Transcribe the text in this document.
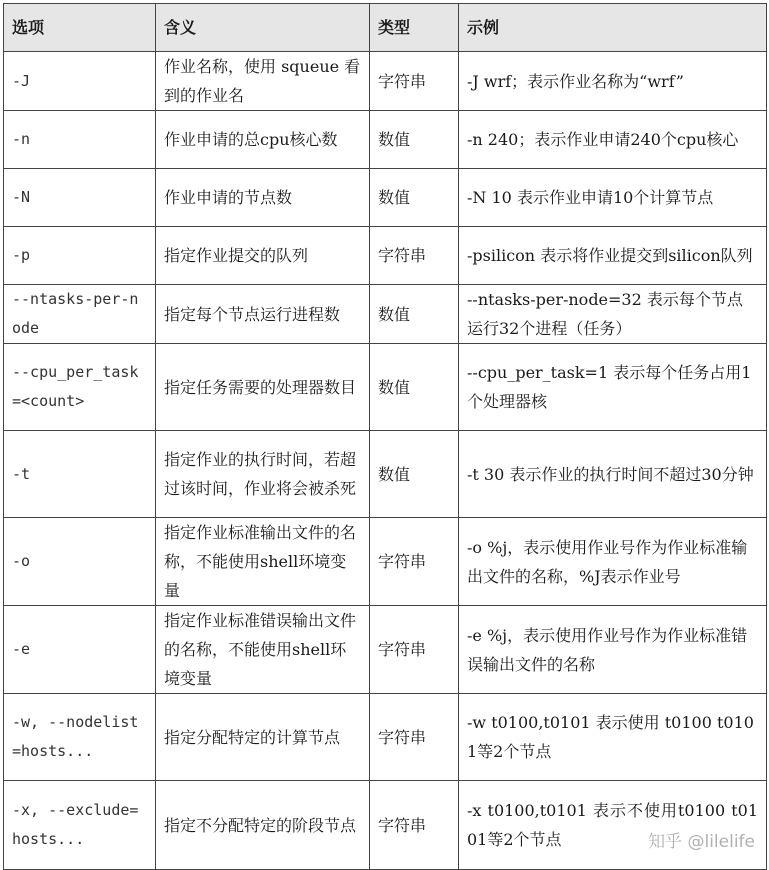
选项	含义	类型	示例
-J	作业名称，使用 squeue 看到的作业名	字符串	-J wrf；表示作业名称为“wrf”
-n	作业申请的总cpu核心数	数值	-n 240；表示作业申请240个cpu核心
-N	作业申请的节点数	数值	-N 10 表示作业申请10个计算节点
-p	指定作业提交的队列	字符串	-psilicon 表示将作业提交到silicon队列
--ntasks-per-node	指定每个节点运行进程数	数值	--ntasks-per-node=32 表示每个节点运行32个进程（任务）
--cpu_per_task=<count>	指定任务需要的处理器数目	数值	--cpu_per_task=1 表示每个任务占用1个处理器核
-t	指定作业的执行时间，若超过该时间，作业将会被杀死	数值	-t 30 表示作业的执行时间不超过30分钟
-o	指定作业标准输出文件的名称，不能使用shell环境变量	字符串	-o %j，表示使用作业号作为作业标准输出文件的名称，%J表示作业号
-e	指定作业标准错误输出文件的名称，不能使用shell环境变量	字符串	-e %j，表示使用作业号作为作业标准错误输出文件的名称
-w, --nodelist=hosts...	指定分配特定的计算节点	字符串	-w t0100,t0101 表示使用 t0100 t0101等2个节点
-x, --exclude=hosts...	指定不分配特定的阶段节点	字符串	-x t0100,t0101 表示不使用t0100 t0101等2个节点	知乎 @lilelife
